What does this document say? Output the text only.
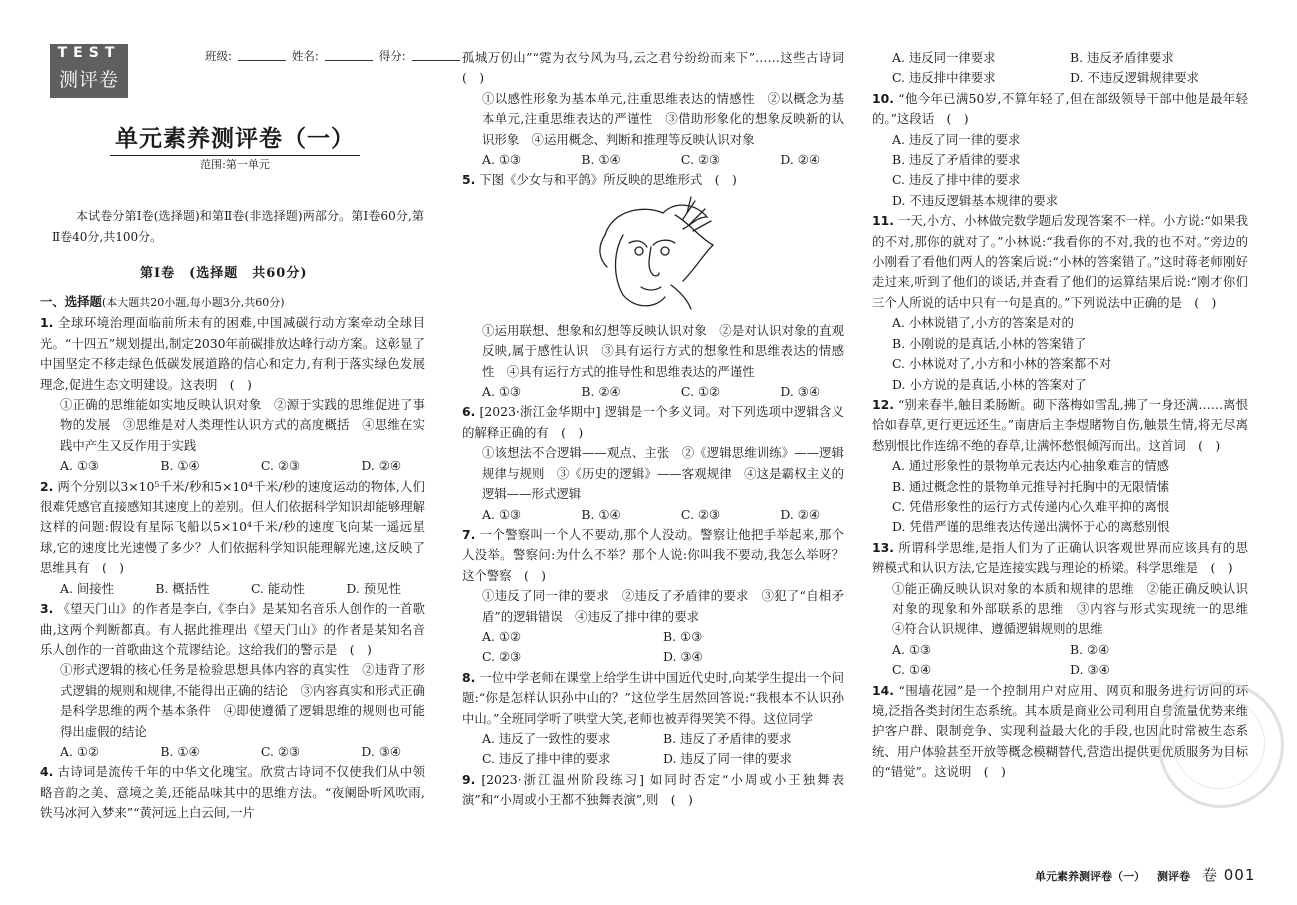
TEST
测评卷
班级:	姓名:	得分:
单元素养测评卷（一）
范围:第一单元
本试卷分第Ⅰ卷(选择题)和第Ⅱ卷(非选择题)两部分。第Ⅰ卷60分,第Ⅱ卷40分,共100分。
第Ⅰ卷　(选择题　共60分)

一、选择题(本大题共20小题,每小题3分,共60分)

1. 全球环境治理面临前所未有的困难,中国减碳行动方案牵动全球目光。“十四五”规划提出,制定2030年前碳排放达峰行动方案。这彰显了中国坚定不移走绿色低碳发展道路的信心和定力,有利于落实绿色发展理念,促进生态文明建设。这表明　(　)

①正确的思维能如实地反映认识对象　②源于实践的思维促进了事物的发展　③思维是对人类理性认识方式的高度概括　④思维在实践中产生又反作用于实践

A. ①③	B. ①④	C. ②③	D. ②④

2. 两个分别以3×10⁵千米/秒和5×10⁴千米/秒的速度运动的物体,人们很难凭感官直接感知其速度上的差别。但人们依据科学知识却能够理解这样的问题:假设有星际飞船以5×10⁴千米/秒的速度飞向某一遥远星球,它的速度比光速慢了多少？人们依据科学知识能理解光速,这反映了思维具有　(　)

A. 间接性	B. 概括性	C. 能动性	D. 预见性

3. 《望天门山》的作者是李白,《李白》是某知名音乐人创作的一首歌曲,这两个判断都真。有人据此推理出《望天门山》的作者是某知名音乐人创作的一首歌曲这个荒谬结论。这给我们的警示是　(　)

①形式逻辑的核心任务是检验思想具体内容的真实性　②违背了形式逻辑的规则和规律,不能得出正确的结论　③内容真实和形式正确是科学思维的两个基本条件　④即使遵循了逻辑思维的规则也可能得出虚假的结论

A. ①②	B. ①④	C. ②③	D. ③④

4. 古诗词是流传千年的中华文化瑰宝。欣赏古诗词不仅使我们从中领略音韵之美、意境之美,还能品味其中的思维方法。“夜阑卧听风吹雨,铁马冰河入梦来”“黄河远上白云间,一片

孤城万仞山”“霓为衣兮风为马,云之君兮纷纷而来下”……这些古诗词　(　)

①以感性形象为基本单元,注重思维表达的情感性　②以概念为基本单元,注重思维表达的严谨性　③借助形象化的想象反映新的认识形象　④运用概念、判断和推理等反映认识对象

A. ①③	B. ①④	C. ②③	D. ②④

5. 下图《少女与和平鸽》所反映的思维形式　(　)

①运用联想、想象和幻想等反映认识对象　②是对认识对象的直观反映,属于感性认识　③具有运行方式的想象性和思维表达的情感性　④具有运行方式的推导性和思维表达的严谨性

A. ①③	B. ②④	C. ①②	D. ③④

6. [2023·浙江金华期中] 逻辑是一个多义词。对下列选项中逻辑含义的解释正确的有　(　)

①该想法不合逻辑——观点、主张　②《逻辑思维训练》——逻辑规律与规则　③《历史的逻辑》——客观规律　④这是霸权主义的逻辑——形式逻辑

A. ①③	B. ①④	C. ②③	D. ②④

7. 一个警察叫一个人不要动,那个人没动。警察让他把手举起来,那个人没举。警察问:为什么不举？那个人说:你叫我不要动,我怎么举呀？这个警察　(　)

①违反了同一律的要求　②违反了矛盾律的要求　③犯了“自相矛盾”的逻辑错误　④违反了排中律的要求

A. ①②	B. ①③
C. ②③	D. ③④

8. 一位中学老师在课堂上给学生讲中国近代史时,向某学生提出一个问题:“你是怎样认识孙中山的？”这位学生居然回答说:“我根本不认识孙中山。”全班同学听了哄堂大笑,老师也被弄得哭笑不得。这位同学

A. 违反了一致性的要求	B. 违反了矛盾律的要求
C. 违反了排中律的要求	D. 违反了同一律的要求

9. [2023·浙江温州阶段练习] 如同时否定“小周或小王独舞表演”和“小周或小王都不独舞表演”,则　(　)

A. 违反同一律要求	B. 违反矛盾律要求
C. 违反排中律要求	D. 不违反逻辑规律要求

10. “他今年已满50岁,不算年轻了,但在部级领导干部中他是最年轻的。”这段话　(　)

A. 违反了同一律的要求

B. 违反了矛盾律的要求

C. 违反了排中律的要求

D. 不违反逻辑基本规律的要求

11. 一天,小方、小林做完数学题后发现答案不一样。小方说:“如果我的不对,那你的就对了。”小林说:“我看你的不对,我的也不对。”旁边的小刚看了看他们两人的答案后说:“小林的答案错了。”这时蒋老师刚好走过来,听到了他们的谈话,并查看了他们的运算结果后说:“刚才你们三个人所说的话中只有一句是真的。”下列说法中正确的是　(　)

A. 小林说错了,小方的答案是对的

B. 小刚说的是真话,小林的答案错了

C. 小林说对了,小方和小林的答案都不对

D. 小方说的是真话,小林的答案对了

12. “别来春半,触目柔肠断。砌下落梅如雪乱,拂了一身还满……离恨恰如春草,更行更远还生。”南唐后主李煜睹物自伤,触景生情,将无尽离愁别恨比作连绵不绝的春草,让满怀愁恨倾泻而出。这首词　(　)

A. 通过形象性的景物单元表达内心抽象难言的情感

B. 通过概念性的景物单元推导衬托胸中的无限情愫

C. 凭借形象性的运行方式传递内心久难平抑的离恨

D. 凭借严谨的思维表达传递出满怀于心的离愁别恨

13. 所谓科学思维,是指人们为了正确认识客观世界而应该具有的思辨模式和认识方法,它是连接实践与理论的桥梁。科学思维是　(　)

①能正确反映认识对象的本质和规律的思维　②能正确反映认识对象的现象和外部联系的思维　③内容与形式实现统一的思维　④符合认识规律、遵循逻辑规则的思维

A. ①③	B. ②④
C. ①④	D. ③④

14. “围墙花园”是一个控制用户对应用、网页和服务进行访问的环境,泛指各类封闭生态系统。其本质是商业公司利用自身流量优势来维护客户群、限制竞争、实现利益最大化的手段,也因此时常被生态系统、用户体验甚至开放等概念模糊替代,营造出提供更优质服务为目标的“错觉”。这说明　(　)

单元素养测评卷（一） 测评卷 卷 001
